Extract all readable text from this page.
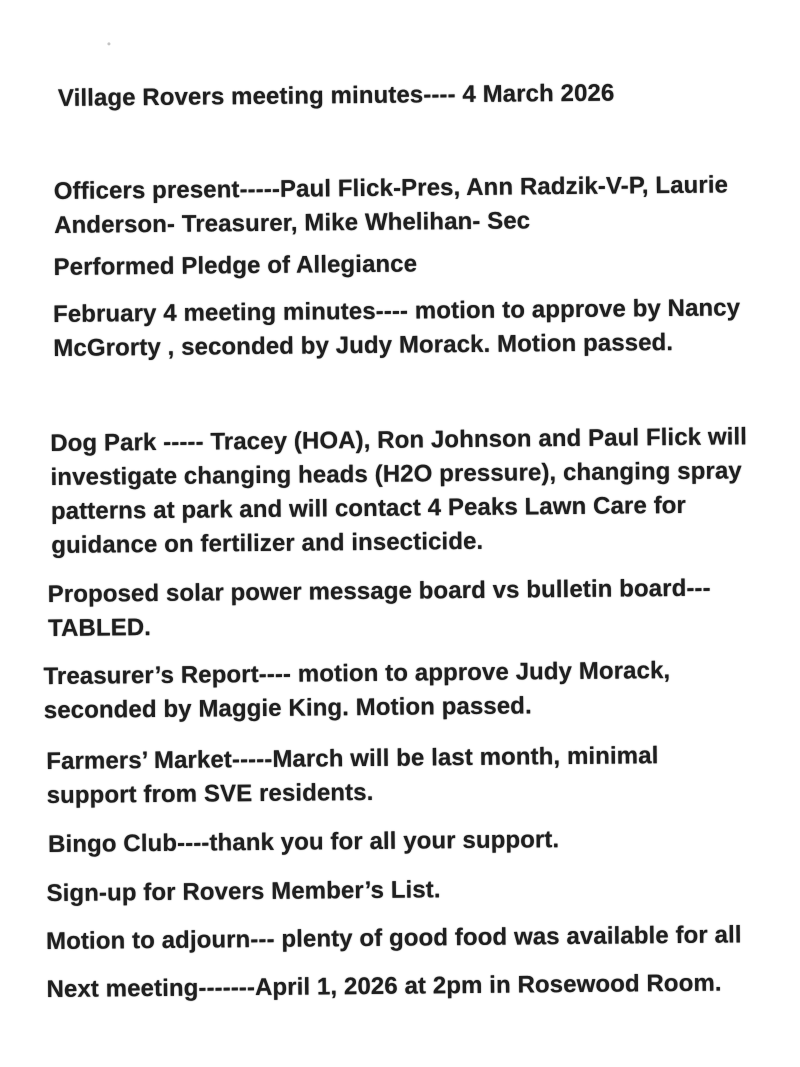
Village Rovers meeting minutes---- 4 March 2026
Officers present-----Paul Flick-Pres, Ann Radzik-V-P, Laurie
Anderson- Treasurer, Mike Whelihan- Sec
Performed Pledge of Allegiance
February 4 meeting minutes---- motion to approve by Nancy
McGrorty , seconded by Judy Morack. Motion passed.
Dog Park ----- Tracey (HOA), Ron Johnson and Paul Flick will
investigate changing heads (H2O pressure), changing spray
patterns at park and will contact 4 Peaks Lawn Care for
guidance on fertilizer and insecticide.
Proposed solar power message board vs bulletin board---
TABLED.
Treasurer’s Report---- motion to approve Judy Morack,
seconded by Maggie King. Motion passed.
Farmers’ Market-----March will be last month, minimal
support from SVE residents.
Bingo Club----thank you for all your support.
Sign-up for Rovers Member’s List.
Motion to adjourn--- plenty of good food was available for all
Next meeting-------April 1, 2026 at 2pm in Rosewood Room.
